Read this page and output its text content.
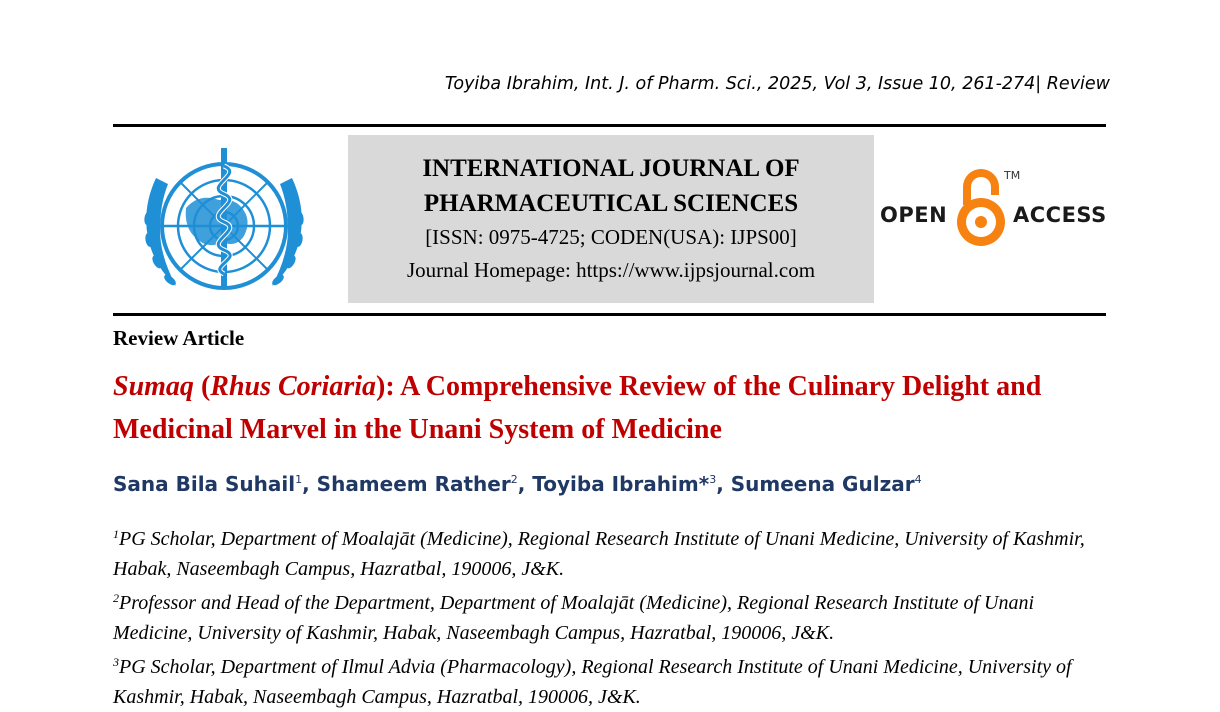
Toyiba Ibrahim, Int. J. of Pharm. Sci., 2025, Vol 3, Issue 10, 261-274| Review
INTERNATIONAL JOURNAL OF
PHARMACEUTICAL SCIENCES
[ISSN: 0975-4725; CODEN(USA): IJPS00]
Journal Homepage: https://www.ijpsjournal.com
OPEN
TM
ACCESS
Review Article
Sumaq (Rhus Coriaria): A Comprehensive Review of the Culinary Delight and Medicinal Marvel in the Unani System of Medicine
Sana Bila Suhail$^1$, Shameem Rather$^2$, Toyiba Ibrahim*$^3$, Sumeena Gulzar$^4$

$^1$PG Scholar, Department of Moalajāt (Medicine), Regional Research Institute of Unani Medicine, University of Kashmir, Habak, Naseembagh Campus, Hazratbal, 190006, J&K.

$^2$Professor and Head of the Department, Department of Moalajāt (Medicine), Regional Research Institute of Unani Medicine, University of Kashmir, Habak, Naseembagh Campus, Hazratbal, 190006, J&K.

$^3$PG Scholar, Department of Ilmul Advia (Pharmacology), Regional Research Institute of Unani Medicine, University of Kashmir, Habak, Naseembagh Campus, Hazratbal, 190006, J&K.
